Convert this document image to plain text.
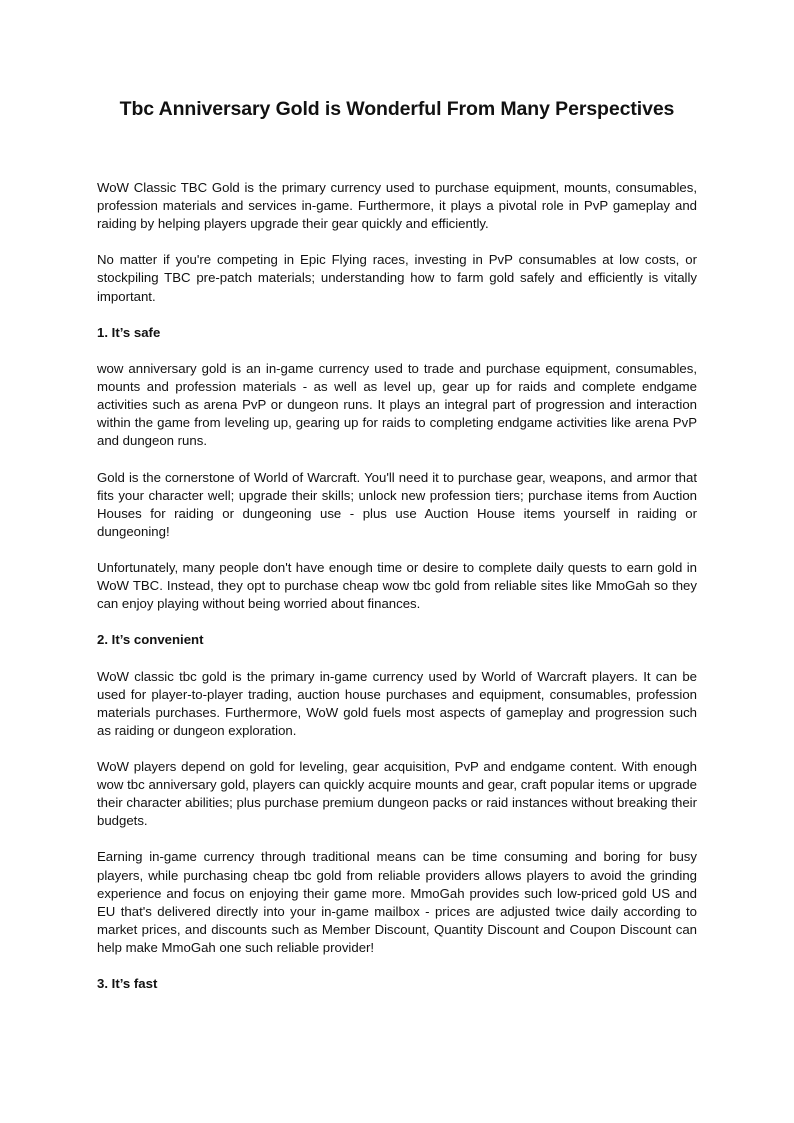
Tbc Anniversary Gold is Wonderful From Many Perspectives

WoW Classic TBC Gold is the primary currency used to purchase equipment, mounts, consumables, profession materials and services in-game. Furthermore, it plays a pivotal role in PvP gameplay and raiding by helping players upgrade their gear quickly and efficiently.

No matter if you're competing in Epic Flying races, investing in PvP consumables at low costs, or stockpiling TBC pre-patch materials; understanding how to farm gold safely and efficiently is vitally important.

1. It’s safe

wow anniversary gold is an in-game currency used to trade and purchase equipment, consumables, mounts and profession materials - as well as level up, gear up for raids and complete endgame activities such as arena PvP or dungeon runs. It plays an integral part of progression and interaction within the game from leveling up, gearing up for raids to completing endgame activities like arena PvP and dungeon runs.

Gold is the cornerstone of World of Warcraft. You'll need it to purchase gear, weapons, and armor that fits your character well; upgrade their skills; unlock new profession tiers; purchase items from Auction Houses for raiding or dungeoning use - plus use Auction House items yourself in raiding or dungeoning!

Unfortunately, many people don't have enough time or desire to complete daily quests to earn gold in WoW TBC. Instead, they opt to purchase cheap wow tbc gold from reliable sites like MmoGah so they can enjoy playing without being worried about finances.

2. It’s convenient

WoW classic tbc gold is the primary in-game currency used by World of Warcraft players. It can be used for player-to-player trading, auction house purchases and equipment, consumables, profession materials purchases. Furthermore, WoW gold fuels most aspects of gameplay and progression such as raiding or dungeon exploration.

WoW players depend on gold for leveling, gear acquisition, PvP and endgame content. With enough wow tbc anniversary gold, players can quickly acquire mounts and gear, craft popular items or upgrade their character abilities; plus purchase premium dungeon packs or raid instances without breaking their budgets.

Earning in-game currency through traditional means can be time consuming and boring for busy players, while purchasing cheap tbc gold from reliable providers allows players to avoid the grinding experience and focus on enjoying their game more. MmoGah provides such low-priced gold US and EU that's delivered directly into your in-game mailbox - prices are adjusted twice daily according to market prices, and discounts such as Member Discount, Quantity Discount and Coupon Discount can help make MmoGah one such reliable provider!

3. It’s fast
